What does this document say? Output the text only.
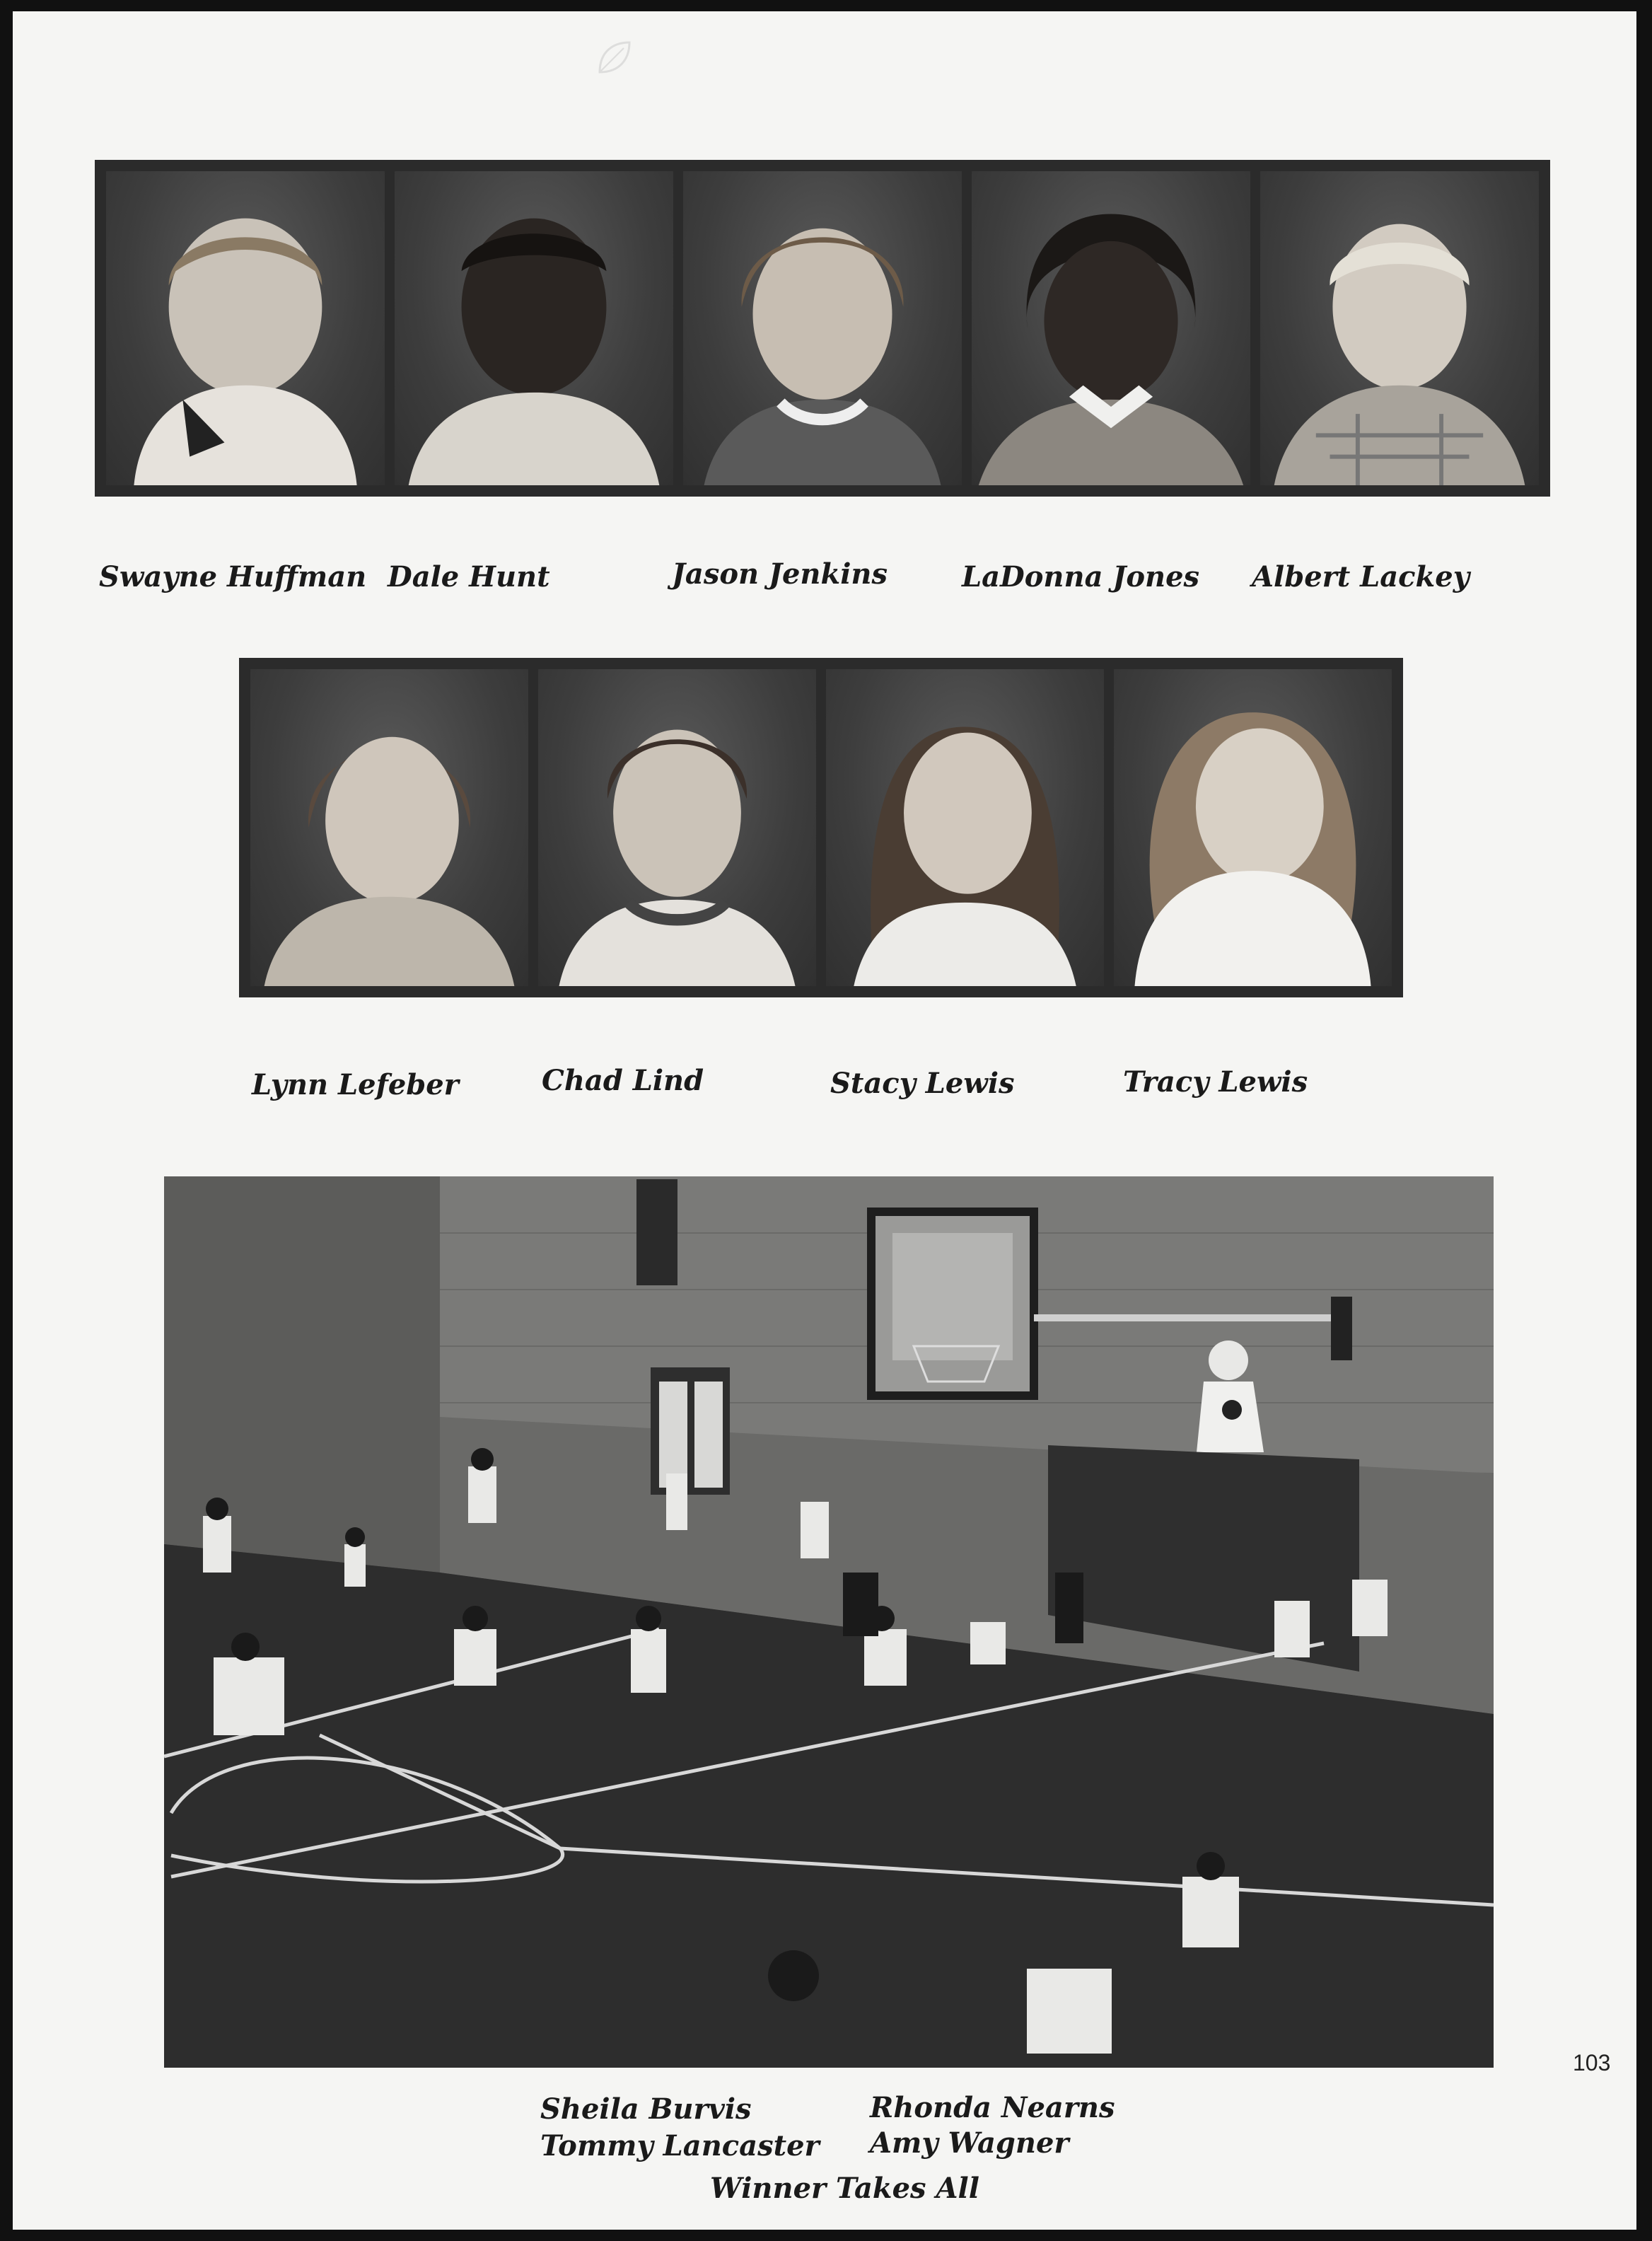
Swayne Huffman Dale Hunt	Jason Jenkins	LaDonna Jones Albert Lackey
Lynn Lefeber	Chad Lind	Stacy Lewis	Tracy Lewis
Sheila Burvis
Tommy Lancaster
Rhonda Nearns
Amy Wagner
Winner Takes All
103
